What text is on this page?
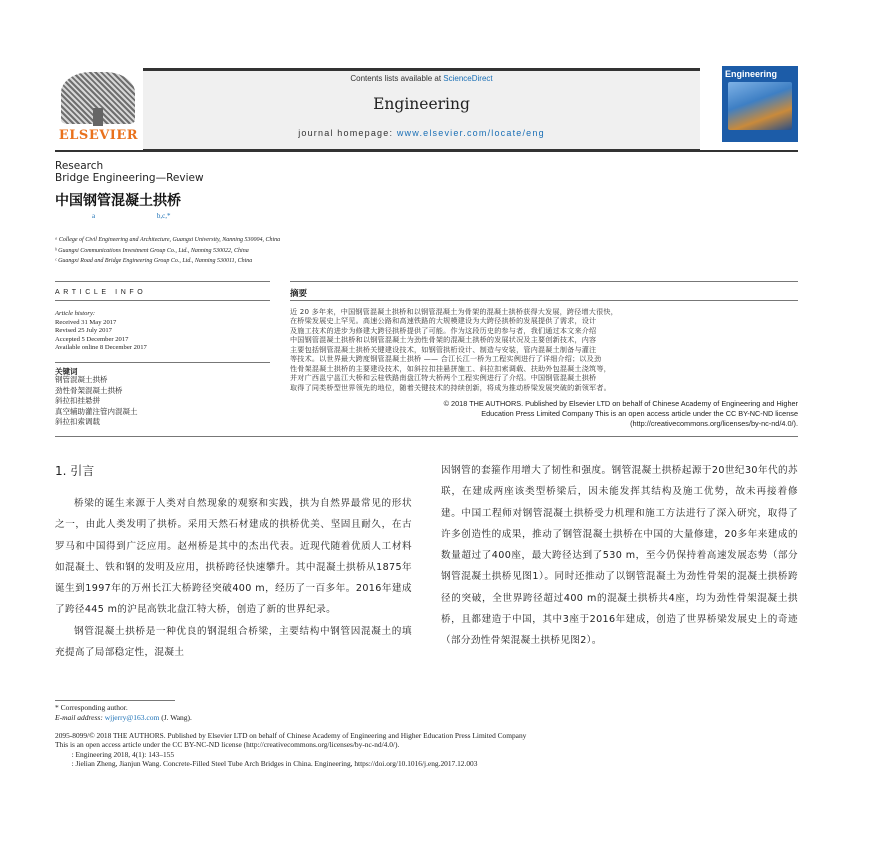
ELSEVIER
Contents lists available at ScienceDirect
Engineering
journal homepage: www.elsevier.com/locate/eng
Engineering
Research
Bridge Engineering—Review
中国钢管混凝土拱桥
a	b,c,*
ᵃ College of Civil Engineering and Architecture, Guangxi University, Nanning 530004, China
ᵇ Guangxi Communications Investment Group Co., Ltd., Nanning 530022, China
ᶜ Guangxi Road and Bridge Engineering Group Co., Ltd., Nanning 530011, China
ARTICLE INFO
Article history:
Received 31 May 2017
Revised 25 July 2017
Accepted 5 December 2017
Available online 8 December 2017
关键词
钢管混凝土拱桥
劲性骨架混凝土拱桥
斜拉扣挂悬拼
真空辅助灌注管内混凝土
斜拉扣索调载
摘要
近 20 多年来，中国钢管混凝土拱桥和以钢管混凝土为骨架的混凝土拱桥获得大发展，跨径增大很快，
在桥梁发展史上罕见。高速公路和高速铁路的大规模建设为大跨径拱桥的发展提供了需求，设计
及施工技术的进步为修建大跨径拱桥提供了可能。作为这段历史的参与者，我们通过本文来介绍
中国钢管混凝土拱桥和以钢管混凝土为劲性骨架的混凝土拱桥的发展状况及主要创新技术，内容
主要包括钢管混凝土拱桥关键建设技术，如钢管拱桁设计、制造与安装，管内混凝土制备与灌注
等技术。以世界最大跨度钢管混凝土拱桥 —— 合江长江一桥为工程实例进行了详细介绍；以及劲
性骨架混凝土拱桥的主要建设技术，如斜拉扣挂悬拼施工、斜拉扣索调载、扶助外包混凝土浇筑等，
并对广西邕宁邕江大桥和云桂铁路南盘江特大桥两个工程实例进行了介绍。中国钢管混凝土拱桥
取得了同类桥型世界领先的地位，随着关键技术的持续创新，将成为推动桥梁发展突破的新领军者。
© 2018 THE AUTHORS. Published by Elsevier LTD on behalf of Chinese Academy of Engineering and Higher
Education Press Limited Company This is an open access article under the CC BY-NC-ND license
(http://creativecommons.org/licenses/by-nc-nd/4.0/).
1. 引言

桥梁的诞生来源于人类对自然现象的观察和实践，拱为自然界最常见的形状之一，由此人类发明了拱桥。采用天然石材建成的拱桥优美、坚固且耐久，在古罗马和中国得到广泛应用。赵州桥是其中的杰出代表。近现代随着优质人工材料如混凝土、铁和钢的发明及应用，拱桥跨径快速攀升。其中混凝土拱桥从1875年诞生到1997年的万州长江大桥跨径突破400 m，经历了一百多年。2016年建成了跨径445 m的沪昆高铁北盘江特大桥，创造了新的世界纪录。

钢管混凝土拱桥是一种优良的钢混组合桥梁，主要结构中钢管因混凝土的填充提高了局部稳定性，混凝土

因钢管的套箍作用增大了韧性和强度。钢管混凝土拱桥起源于20世纪30年代的苏联，在建成两座该类型桥梁后，因未能发挥其结构及施工优势，故未再接着修建。中国工程师对钢管混凝土拱桥受力机理和施工方法进行了深入研究，取得了许多创造性的成果，推动了钢管混凝土拱桥在中国的大量修建，20多年来建成的数量超过了400座，最大跨径达到了530 m，至今仍保持着高速发展态势（部分钢管混凝土拱桥见图1）。同时还推动了以钢管混凝土为劲性骨架的混凝土拱桥跨径的突破，全世界跨径超过400 m的混凝土拱桥共4座，均为劲性骨架混凝土拱桥，且都建造于中国，其中3座于2016年建成，创造了世界桥梁发展史上的奇迹（部分劲性骨架混凝土拱桥见图2）。

* Corresponding author.
E-mail address: wjjerry@163.com (J. Wang).
2095-8099/© 2018 THE AUTHORS. Published by Elsevier LTD on behalf of Chinese Academy of Engineering and Higher Education Press Limited Company
This is an open access article under the CC BY-NC-ND license (http://creativecommons.org/licenses/by-nc-nd/4.0/).
: Engineering 2018, 4(1): 143–155
: Jielian Zheng, Jianjun Wang. Concrete-Filled Steel Tube Arch Bridges in China. Engineering, https://doi.org/10.1016/j.eng.2017.12.003
